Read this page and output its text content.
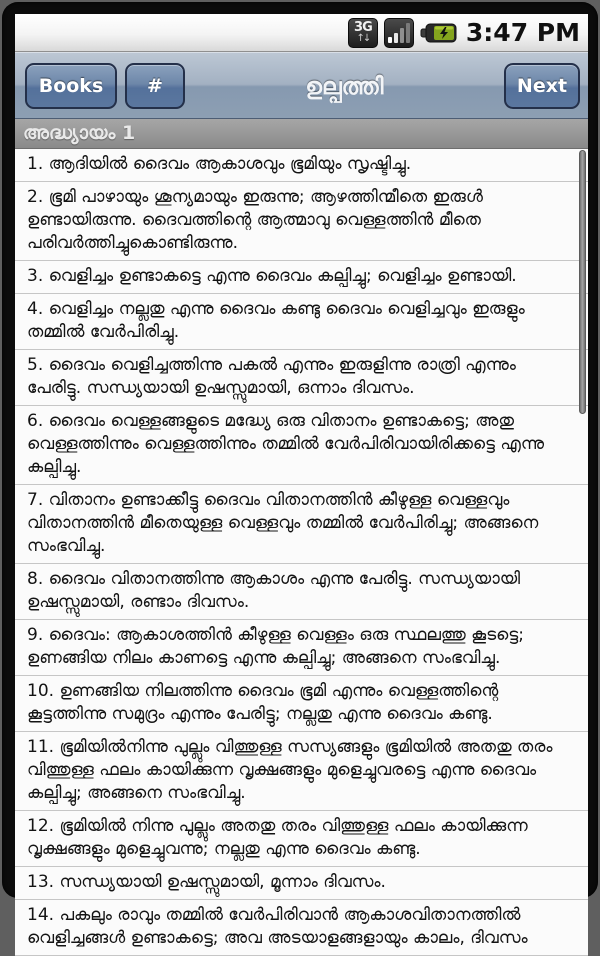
3G
↑↓	3:47 PM
Books	#	ഉല്പത്തി	Next
അദ്ധ്യായം 1
1. ആദിയിൽ ദൈവം ആകാശവും ഭൂമിയും സൃഷ്ടിച്ചു.
2. ഭൂമി പാഴായും ശൂന്യമായും ഇരുന്നു; ആഴത്തിന്മീതെ ഇരുൾ ഉണ്ടായിരുന്നു. ദൈവത്തിന്റെ ആത്മാവു വെള്ളത്തിൻ മീതെ പരിവർത്തിച്ചുകൊണ്ടിരുന്നു.
3. വെളിച്ചം ഉണ്ടാകട്ടെ എന്നു ദൈവം കല്പിച്ചു; വെളിച്ചം ഉണ്ടായി.
4. വെളിച്ചം നല്ലതു എന്നു ദൈവം കണ്ടു ദൈവം വെളിച്ചവും ഇരുളും തമ്മിൽ വേർപിരിച്ചു.
5. ദൈവം വെളിച്ചത്തിന്നു പകൽ എന്നും ഇരുളിന്നു രാത്രി എന്നും പേരിട്ടു. സന്ധ്യയായി ഉഷസ്സുമായി, ഒന്നാം ദിവസം.
6. ദൈവം വെള്ളങ്ങളുടെ മദ്ധ്യേ ഒരു വിതാനം ഉണ്ടാകട്ടെ; അതു വെള്ളത്തിന്നും വെള്ളത്തിന്നും തമ്മിൽ വേർപിരിവായിരിക്കട്ടെ എന്നു കല്പിച്ചു.
7. വിതാനം ഉണ്ടാക്കീട്ടു ദൈവം വിതാനത്തിൻ കീഴുള്ള വെള്ളവും വിതാനത്തിൻ മീതെയുള്ള വെള്ളവും തമ്മിൽ വേർപിരിച്ചു; അങ്ങനെ സംഭവിച്ചു.
8. ദൈവം വിതാനത്തിന്നു ആകാശം എന്നു പേരിട്ടു. സന്ധ്യയായി ഉഷസ്സുമായി, രണ്ടാം ദിവസം.
9. ദൈവം: ആകാശത്തിൻ കീഴുള്ള വെള്ളം ഒരു സ്ഥലത്തു കൂടട്ടെ; ഉണങ്ങിയ നിലം കാണട്ടെ എന്നു കല്പിച്ചു; അങ്ങനെ സംഭവിച്ചു.
10. ഉണങ്ങിയ നിലത്തിന്നു ദൈവം ഭൂമി എന്നും വെള്ളത്തിന്റെ കൂട്ടത്തിന്നു സമുദ്രം എന്നും പേരിട്ടു; നല്ലതു എന്നു ദൈവം കണ്ടു.
11. ഭൂമിയിൽനിന്നു പുല്ലും വിത്തുള്ള സസ്യങ്ങളും ഭൂമിയിൽ അതതു തരം വിത്തുള്ള ഫലം കായിക്കുന്ന വൃക്ഷങ്ങളും മുളെച്ചുവരട്ടെ എന്നു ദൈവം കല്പിച്ചു; അങ്ങനെ സംഭവിച്ചു.
12. ഭൂമിയിൽ നിന്നു പുല്ലും അതതു തരം വിത്തുള്ള ഫലം കായിക്കുന്ന വൃക്ഷങ്ങളും മുളെച്ചുവന്നു; നല്ലതു എന്നു ദൈവം കണ്ടു.
13. സന്ധ്യയായി ഉഷസ്സുമായി, മൂന്നാം ദിവസം.
14. പകലും രാവും തമ്മിൽ വേർപിരിവാൻ ആകാശവിതാനത്തിൽ വെളിച്ചങ്ങൾ ഉണ്ടാകട്ടെ; അവ അടയാളങ്ങളായും കാലം, ദിവസം
